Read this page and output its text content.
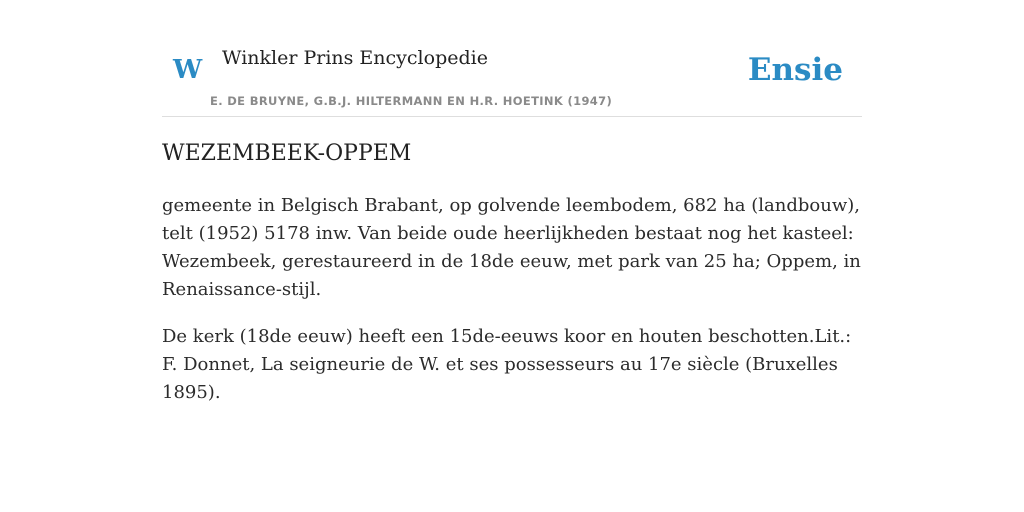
W Winkler Prins Encyclopedie
E. DE BRUYNE, G.B.J. HILTERMANN EN H.R. HOETINK (1947)
Ensie
WEZEMBEEK-OPPEM

gemeente in Belgisch Brabant, op golvende leembodem, 682 ha (landbouw), telt (1952) 5178 inw. Van beide oude heerlijkheden bestaat nog het kasteel: Wezembeek, gerestaureerd in de 18de eeuw, met park van 25 ha; Oppem, in Renaissance-stijl.

De kerk (18de eeuw) heeft een 15de-eeuws koor en houten beschotten.Lit.: F. Donnet, La seigneurie de W. et ses possesseurs au 17e siècle (Bruxelles 1895).
